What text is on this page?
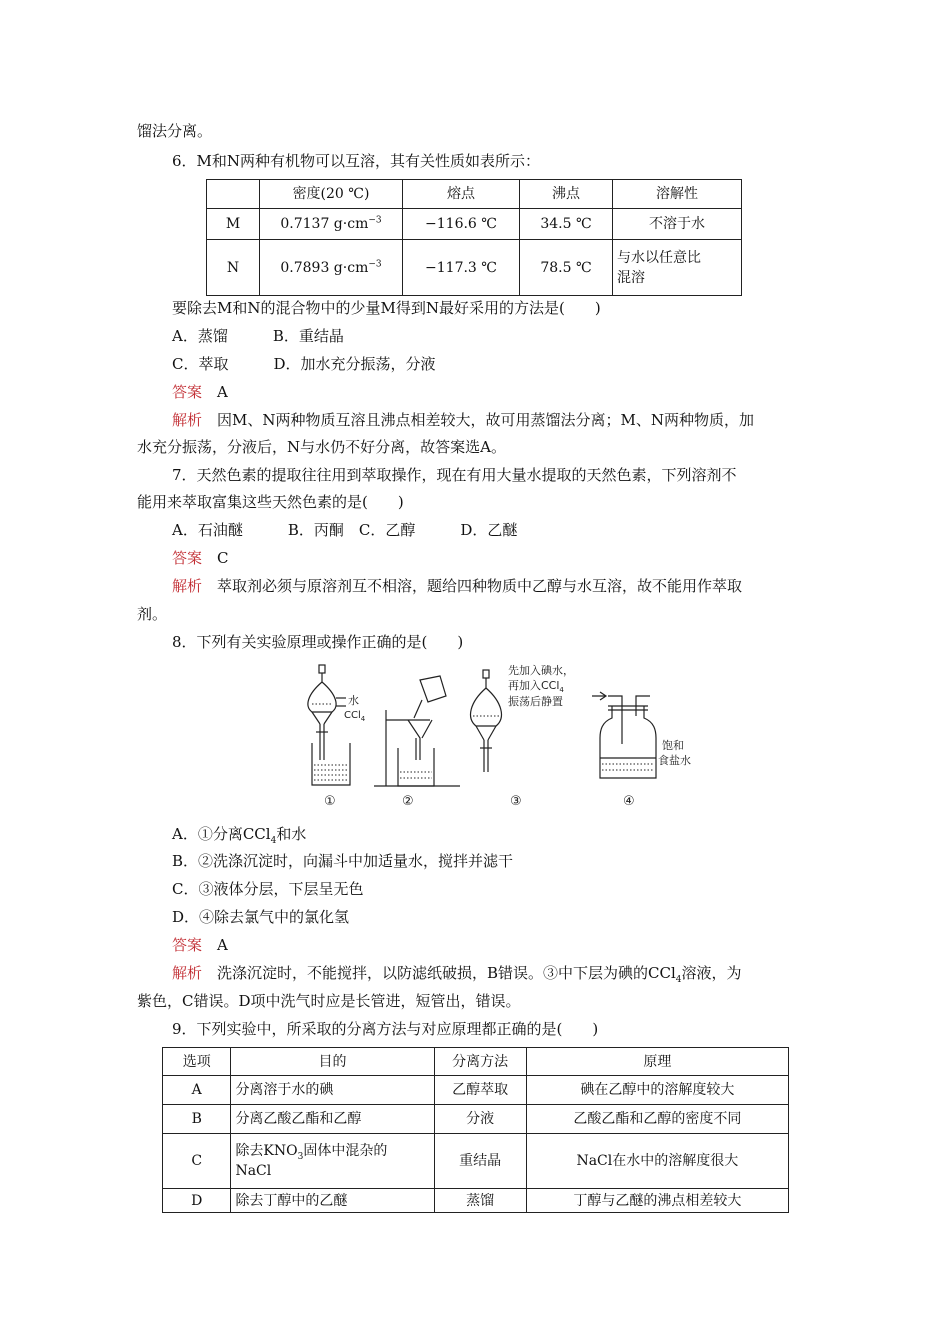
馏法分离。
6．M和N两种有机物可以互溶，其有关性质如表所示：
	密度(20 ℃)	熔点	沸点	溶解性
M	0.7137 $g\cdot cm^{-3}$	−116.6 ℃	34.5 ℃	不溶于水
N	0.7893 $g\cdot cm^{-3}$	−117.3 ℃	78.5 ℃	与水以任意比
混溶
要除去M和N的混合物中的少量M得到N最好采用的方法是(　　)
A．蒸馏　　　B．重结晶
C．萃取　　　D．加水充分振荡，分液
答案  A
解析  因M、N两种物质互溶且沸点相差较大，故可用蒸馏法分离；M、N两种物质，加
水充分振荡，分液后，N与水仍不好分离，故答案选A。
7．天然色素的提取往往用到萃取操作，现在有用大量水提取的天然色素，下列溶剂不
能用来萃取富集这些天然色素的是(　　)
A．石油醚　　　B．丙酮　C．乙醇　　　D．乙醚
答案  C
解析  萃取剂必须与原溶剂互不相溶，题给四种物质中乙醇与水互溶，故不能用作萃取
剂。
8．下列有关实验原理或操作正确的是(　　)
水
CCl$_4$
先加入碘水，
再加入CCl$_4$
振荡后静置
饱和
食盐水
①	②	③	④
A．①分离CCl$_4$和水
B．②洗涤沉淀时，向漏斗中加适量水，搅拌并滤干
C．③液体分层，下层呈无色
D．④除去氯气中的氯化氢
答案  A
解析  洗涤沉淀时，不能搅拌，以防滤纸破损，B错误。③中下层为碘的CCl$_4$溶液，为
紫色，C错误。D项中洗气时应是长管进，短管出，错误。
9．下列实验中，所采取的分离方法与对应原理都正确的是(　　)
选项	目的	分离方法	原理
A	分离溶于水的碘	乙醇萃取	碘在乙醇中的溶解度较大
B	分离乙酸乙酯和乙醇	分液	乙酸乙酯和乙醇的密度不同
C	除去$KNO_3$固体中混杂的
NaCl	重结晶	NaCl在水中的溶解度很大
D	除去丁醇中的乙醚	蒸馏	丁醇与乙醚的沸点相差较大
